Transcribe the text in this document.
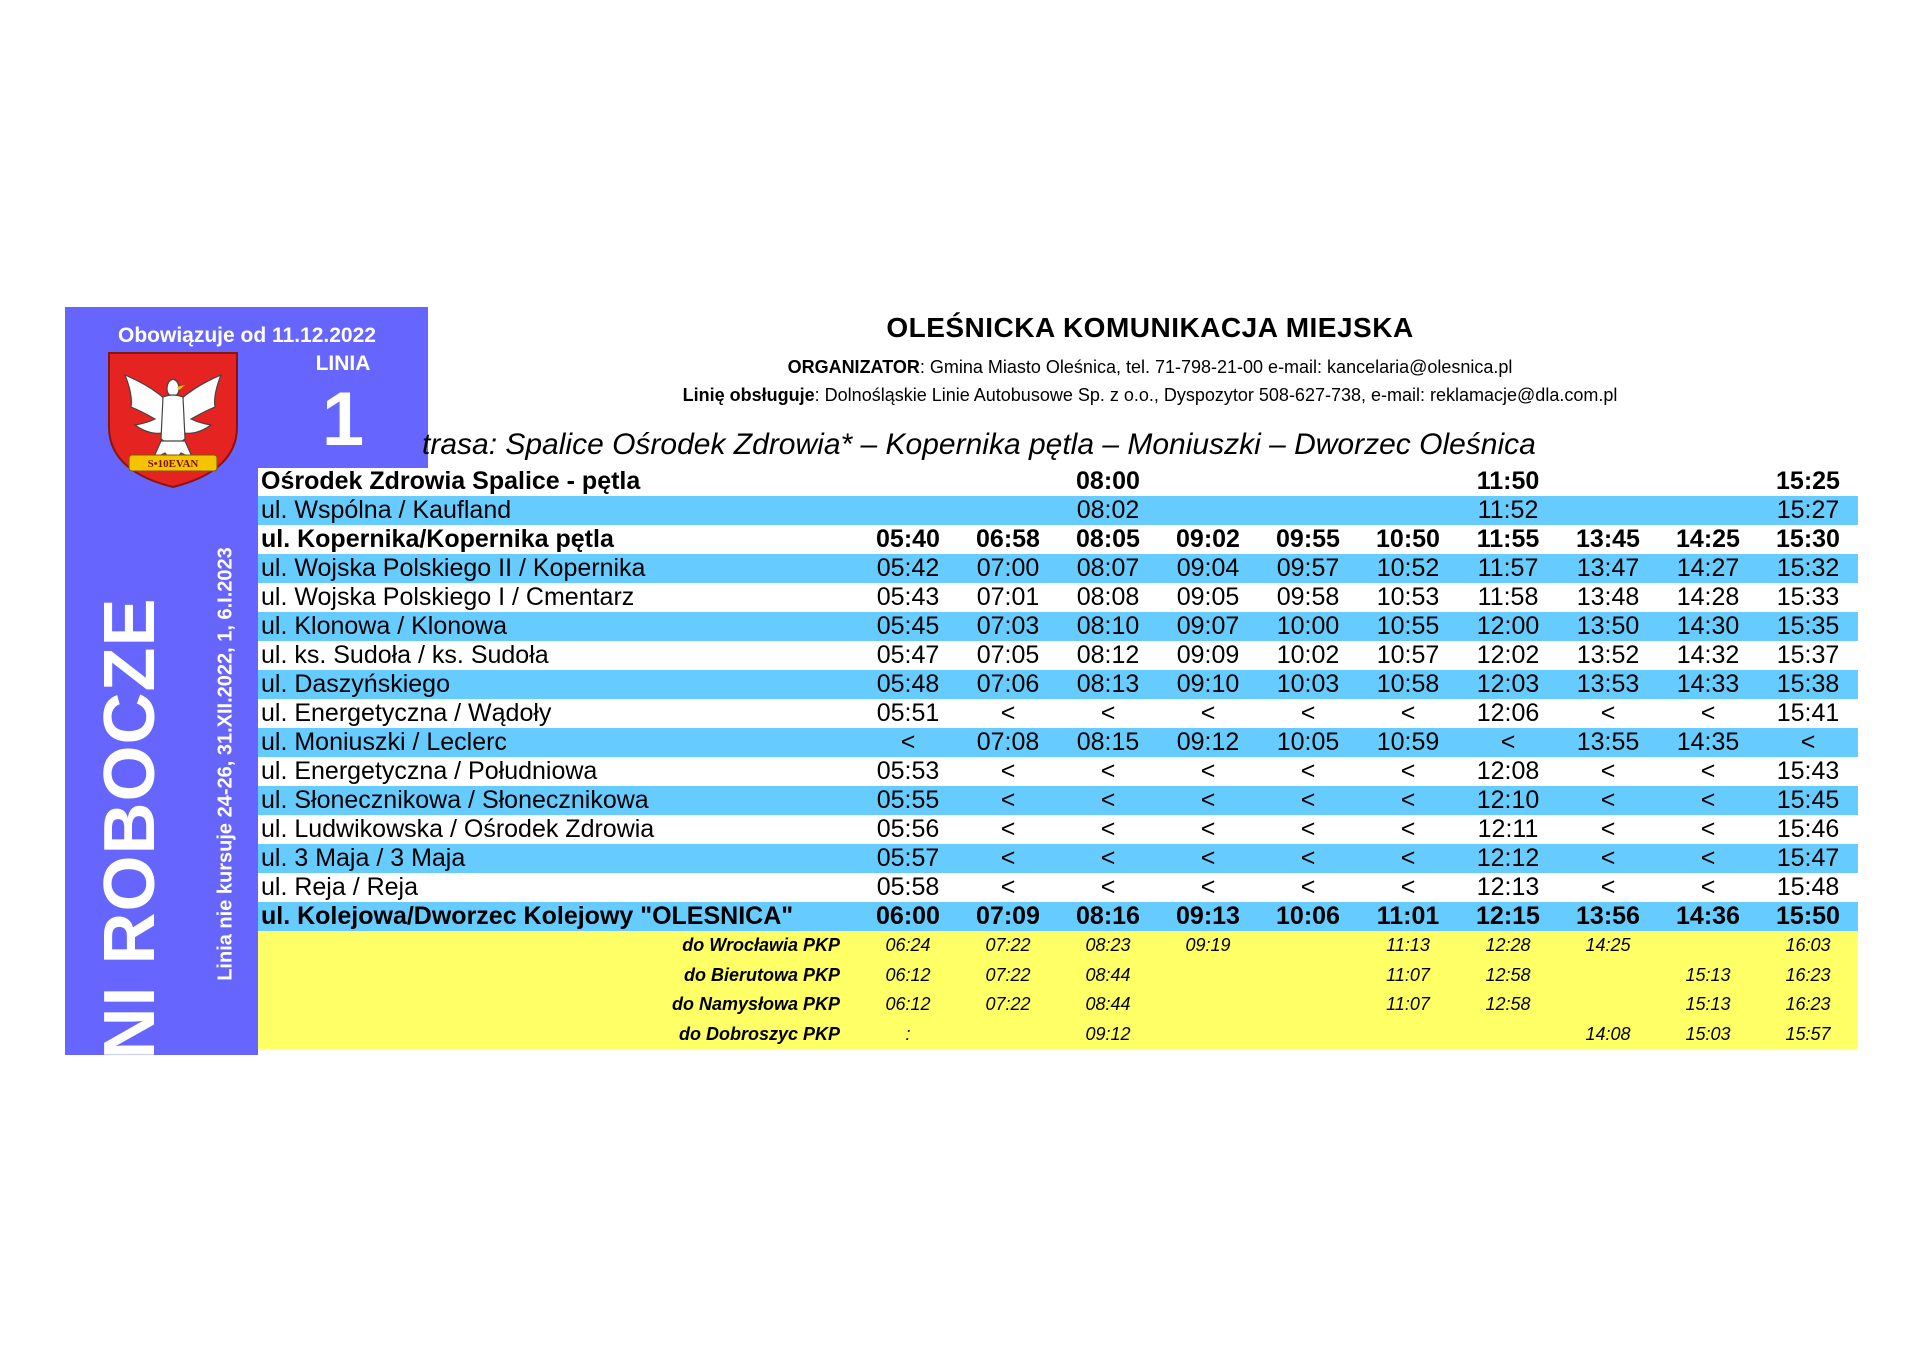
Obowiązuje od 11.12.2022
LINIA
1
S•10EVAN
DNI ROBOCZE Linia nie kursuje 24-26, 31.XII.2022, 1, 6.I.2023
OLEŚNICKA KOMUNIKACJA MIEJSKA
ORGANIZATOR: Gmina Miasto Oleśnica, tel. 71-798-21-00 e-mail: kancelaria@olesnica.pl
Linię obsługuje: Dolnośląskie Linie Autobusowe Sp. z o.o., Dyspozytor 508-627-738, e-mail: reklamacje@dla.com.pl
trasa: Spalice Ośrodek Zdrowia* – Kopernika pętla – Moniuszki – Dworzec Oleśnica
Ośrodek Zdrowia Spalice - pętla			08:00				11:50			15:25
ul. Wspólna / Kaufland			08:02				11:52			15:27
ul. Kopernika/Kopernika pętla	05:40	06:58	08:05	09:02	09:55	10:50	11:55	13:45	14:25	15:30
ul. Wojska Polskiego II / Kopernika	05:42	07:00	08:07	09:04	09:57	10:52	11:57	13:47	14:27	15:32
ul. Wojska Polskiego I / Cmentarz	05:43	07:01	08:08	09:05	09:58	10:53	11:58	13:48	14:28	15:33
ul. Klonowa / Klonowa	05:45	07:03	08:10	09:07	10:00	10:55	12:00	13:50	14:30	15:35
ul. ks. Sudoła / ks. Sudoła	05:47	07:05	08:12	09:09	10:02	10:57	12:02	13:52	14:32	15:37
ul. Daszyńskiego	05:48	07:06	08:13	09:10	10:03	10:58	12:03	13:53	14:33	15:38
ul. Energetyczna / Wądoły	05:51	<	<	<	<	<	12:06	<	<	15:41
ul. Moniuszki / Leclerc	<	07:08	08:15	09:12	10:05	10:59	<	13:55	14:35	<
ul. Energetyczna / Południowa	05:53	<	<	<	<	<	12:08	<	<	15:43
ul. Słonecznikowa / Słonecznikowa	05:55	<	<	<	<	<	12:10	<	<	15:45
ul. Ludwikowska / Ośrodek Zdrowia	05:56	<	<	<	<	<	12:11	<	<	15:46
ul. 3 Maja / 3 Maja	05:57	<	<	<	<	<	12:12	<	<	15:47
ul. Reja / Reja	05:58	<	<	<	<	<	12:13	<	<	15:48
ul. Kolejowa/Dworzec Kolejowy "OLESNICA"	06:00	07:09	08:16	09:13	10:06	11:01	12:15	13:56	14:36	15:50
do Wrocławia PKP	06:24	07:22	08:23	09:19		11:13	12:28	14:25		16:03
do Bierutowa PKP	06:12	07:22	08:44			11:07	12:58		15:13	16:23
do Namysłowa PKP	06:12	07:22	08:44			11:07	12:58		15:13	16:23
do Dobroszyc PKP	:		09:12					14:08	15:03	15:57
